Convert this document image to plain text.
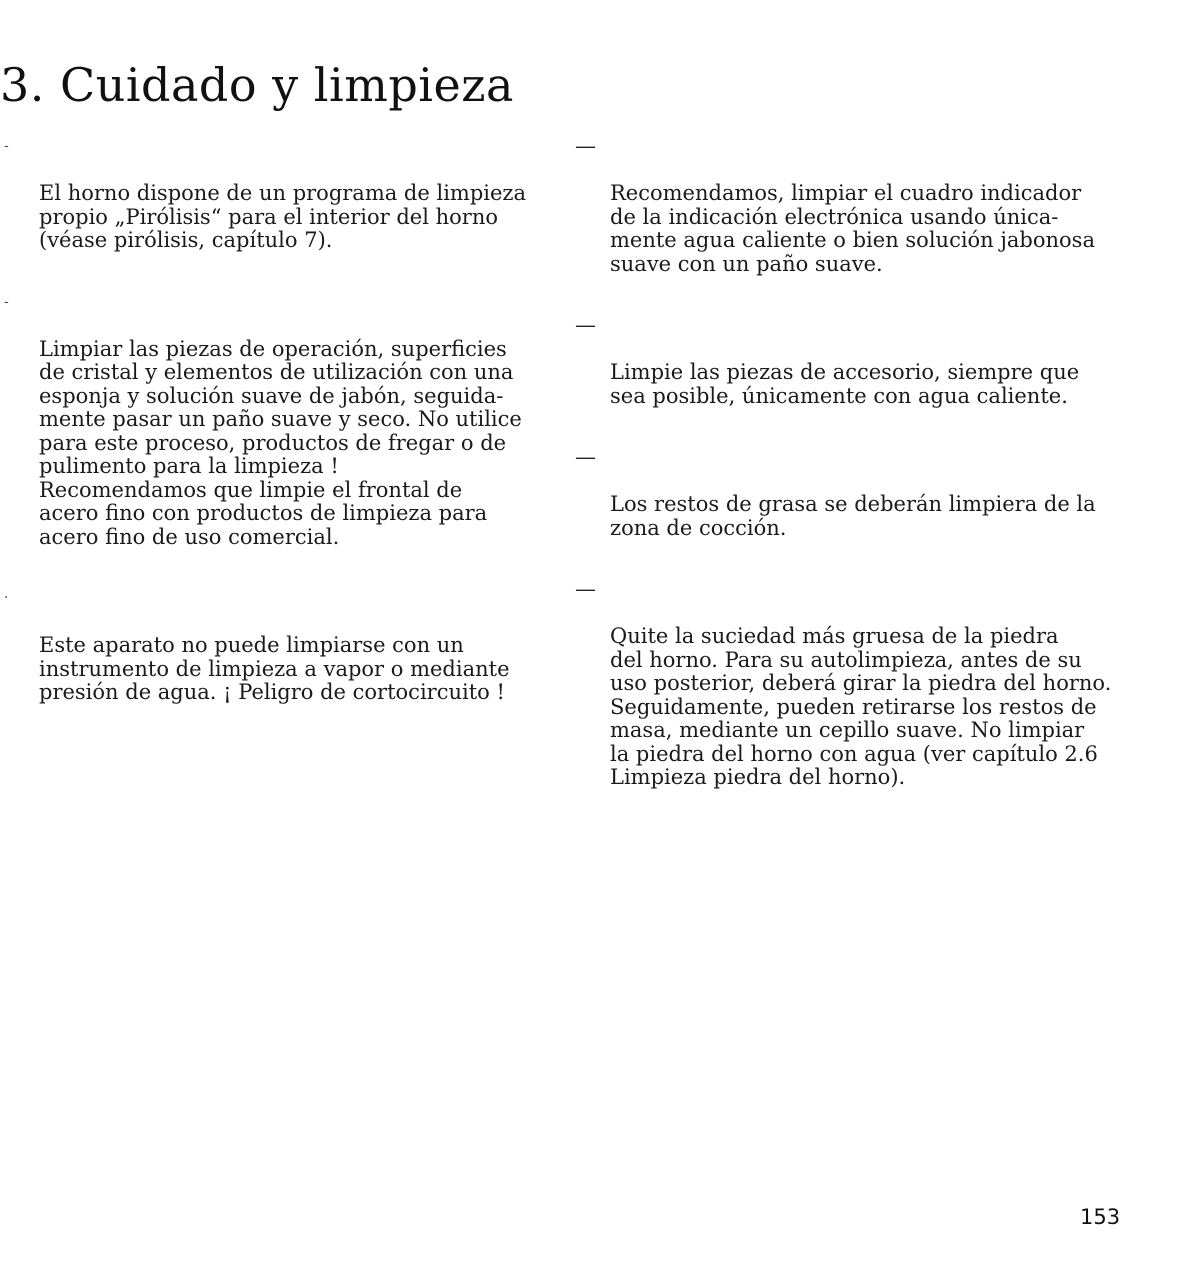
3. Cuidado y limpieza

-

El horno dispone de un programa de limpieza
propio „Pirólisis“ para el interior del horno
(véase pirólisis, capítulo 7).

-

Limpiar las piezas de operación, superficies
de cristal y elementos de utilización con una
esponja y solución suave de jabón, seguida-
mente pasar un paño suave y seco. No utilice
para este proceso, productos de fregar o de
pulimento para la limpieza !
Recomendamos que limpie el frontal de
acero fino con productos de limpieza para
acero fino de uso comercial.

·

Este aparato no puede limpiarse con un
instrumento de limpieza a vapor o mediante
presión de agua. ¡ Peligro de cortocircuito !

—

Recomendamos, limpiar el cuadro indicador
de la indicación electrónica usando única-
mente agua caliente o bien solución jabonosa
suave con un paño suave.

—

Limpie las piezas de accesorio, siempre que
sea posible, únicamente con agua caliente.

—

Los restos de grasa se deberán limpiera de la
zona de cocción.

—

Quite la suciedad más gruesa de la piedra
del horno. Para su autolimpieza, antes de su
uso posterior, deberá girar la piedra del horno.
Seguidamente, pueden retirarse los restos de
masa, mediante un cepillo suave. No limpiar
la piedra del horno con agua (ver capítulo 2.6
Limpieza piedra del horno).

153
